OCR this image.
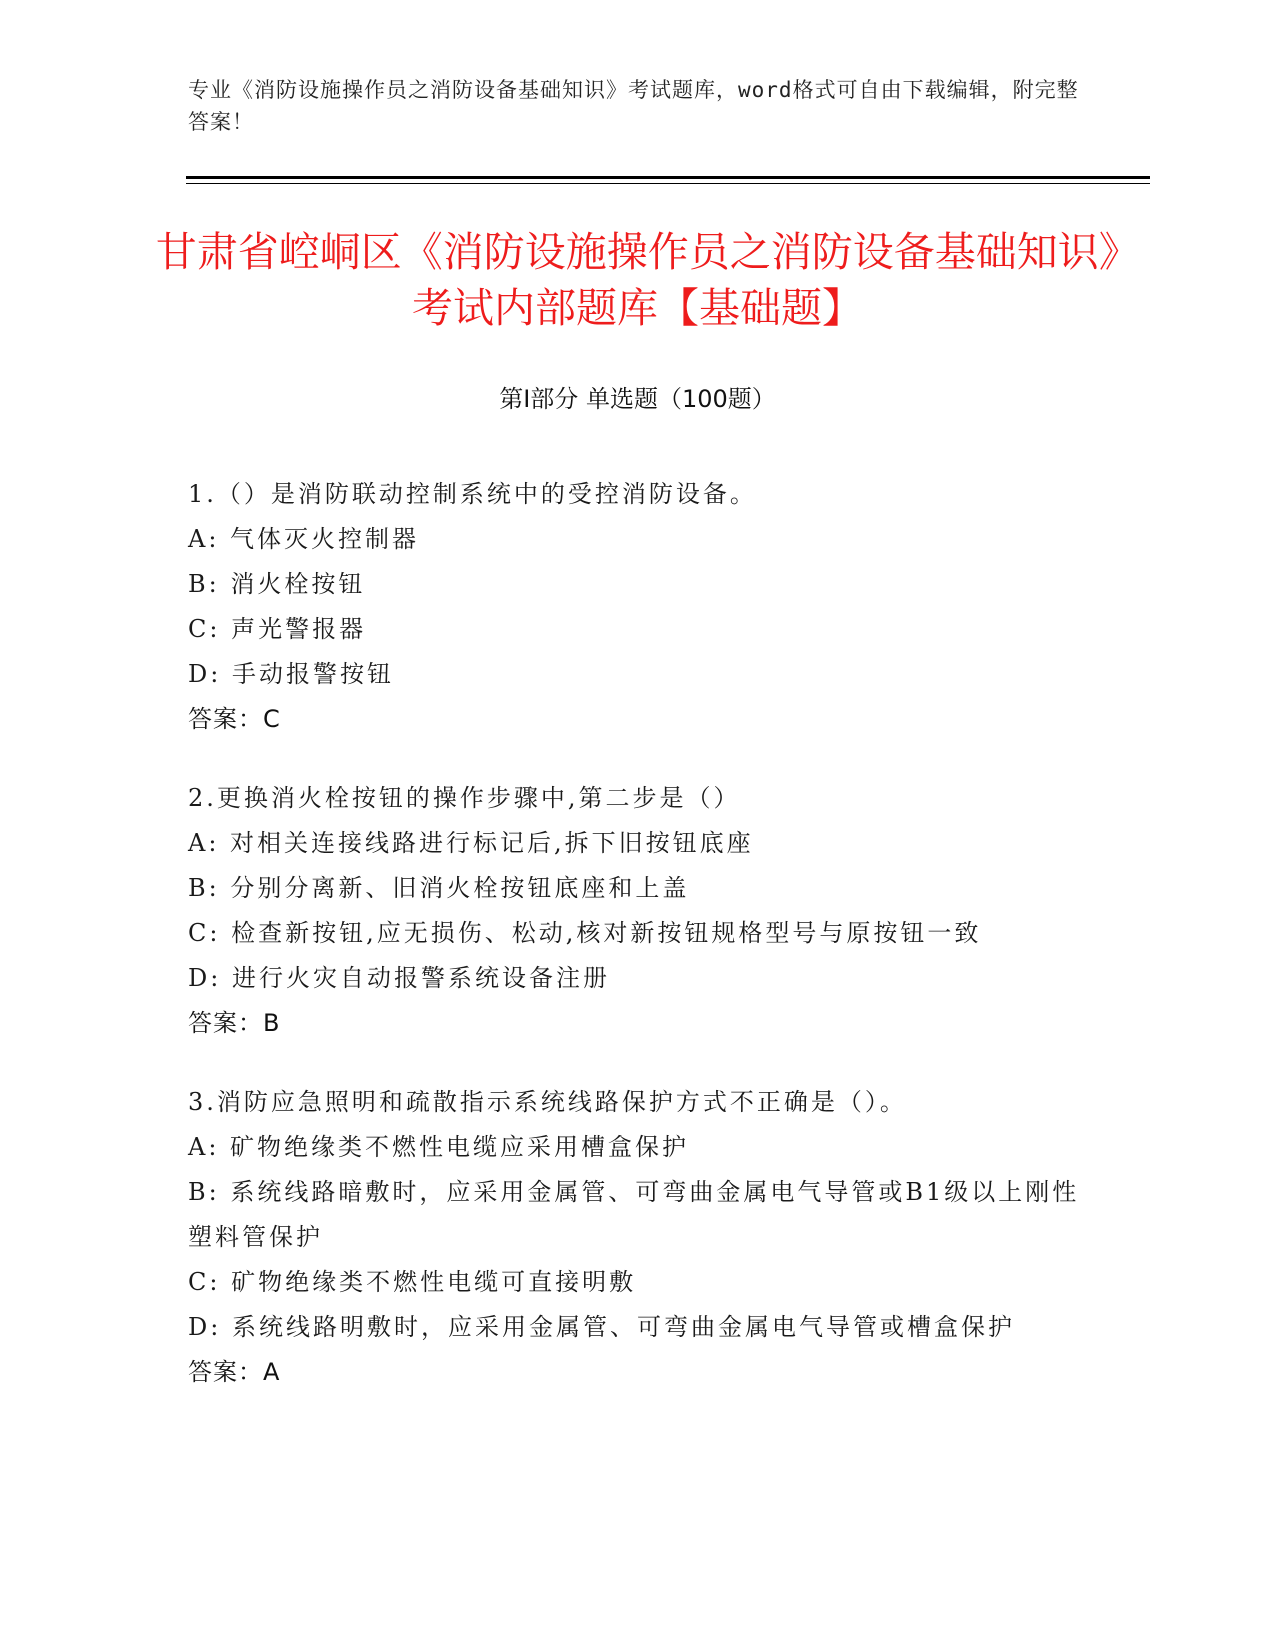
专业《消防设施操作员之消防设备基础知识》考试题库，word格式可自由下载编辑，附完整答案！
甘肃省崆峒区《消防设施操作员之消防设备基础知识》考试内部题库【基础题】
第I部分 单选题（100题）
1.（）是消防联动控制系统中的受控消防设备。
A: 气体灭火控制器
B: 消火栓按钮
C: 声光警报器
D: 手动报警按钮
答案：C
2.更换消火栓按钮的操作步骤中,第二步是（）
A: 对相关连接线路进行标记后,拆下旧按钮底座
B: 分别分离新、旧消火栓按钮底座和上盖
C: 检查新按钮,应无损伤、松动,核对新按钮规格型号与原按钮一致
D: 进行火灾自动报警系统设备注册
答案：B
3.消防应急照明和疏散指示系统线路保护方式不正确是（）。
A: 矿物绝缘类不燃性电缆应采用槽盒保护
B: 系统线路暗敷时，应采用金属管、可弯曲金属电气导管或B1级以上刚性塑料管保护
C: 矿物绝缘类不燃性电缆可直接明敷
D: 系统线路明敷时，应采用金属管、可弯曲金属电气导管或槽盒保护
答案：A
